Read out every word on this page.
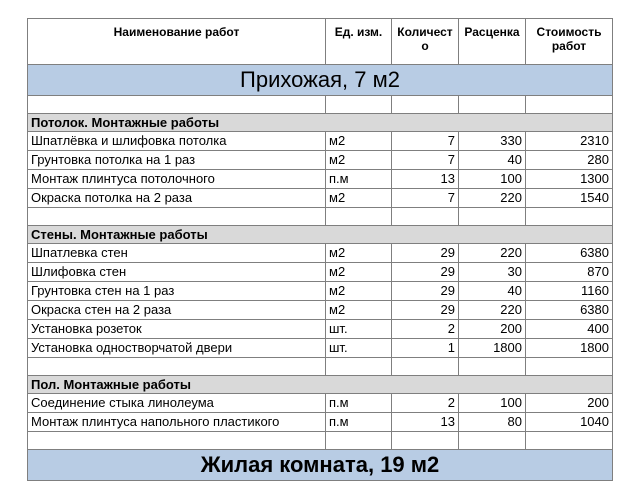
Наименование работ	Ед. изм.	Количест о	Расценка	Стоимость работ
Прихожая, 7 м2				

Потолок. Монтажные работы				
Шпатлёвка и шлифовка потолка	м2	7	330	2310
Грунтовка потолка на 1 раз	м2	7	40	280
Монтаж плинтуса потолочного	п.м	13	100	1300
Окраска потолка на 2 раза	м2	7	220	1540

Стены. Монтажные работы				
Шпатлевка стен	м2	29	220	6380
Шлифовка стен	м2	29	30	870
Грунтовка стен на 1 раз	м2	29	40	1160
Окраска стен на 2 раза	м2	29	220	6380
Установка розеток	шт.	2	200	400
Установка одностворчатой двери	шт.	1	1800	1800

Пол. Монтажные работы				
Соединение стыка линолеума	п.м	2	100	200
Монтаж плинтуса напольного пластикого	п.м	13	80	1040

Жилая комната, 19 м2				
